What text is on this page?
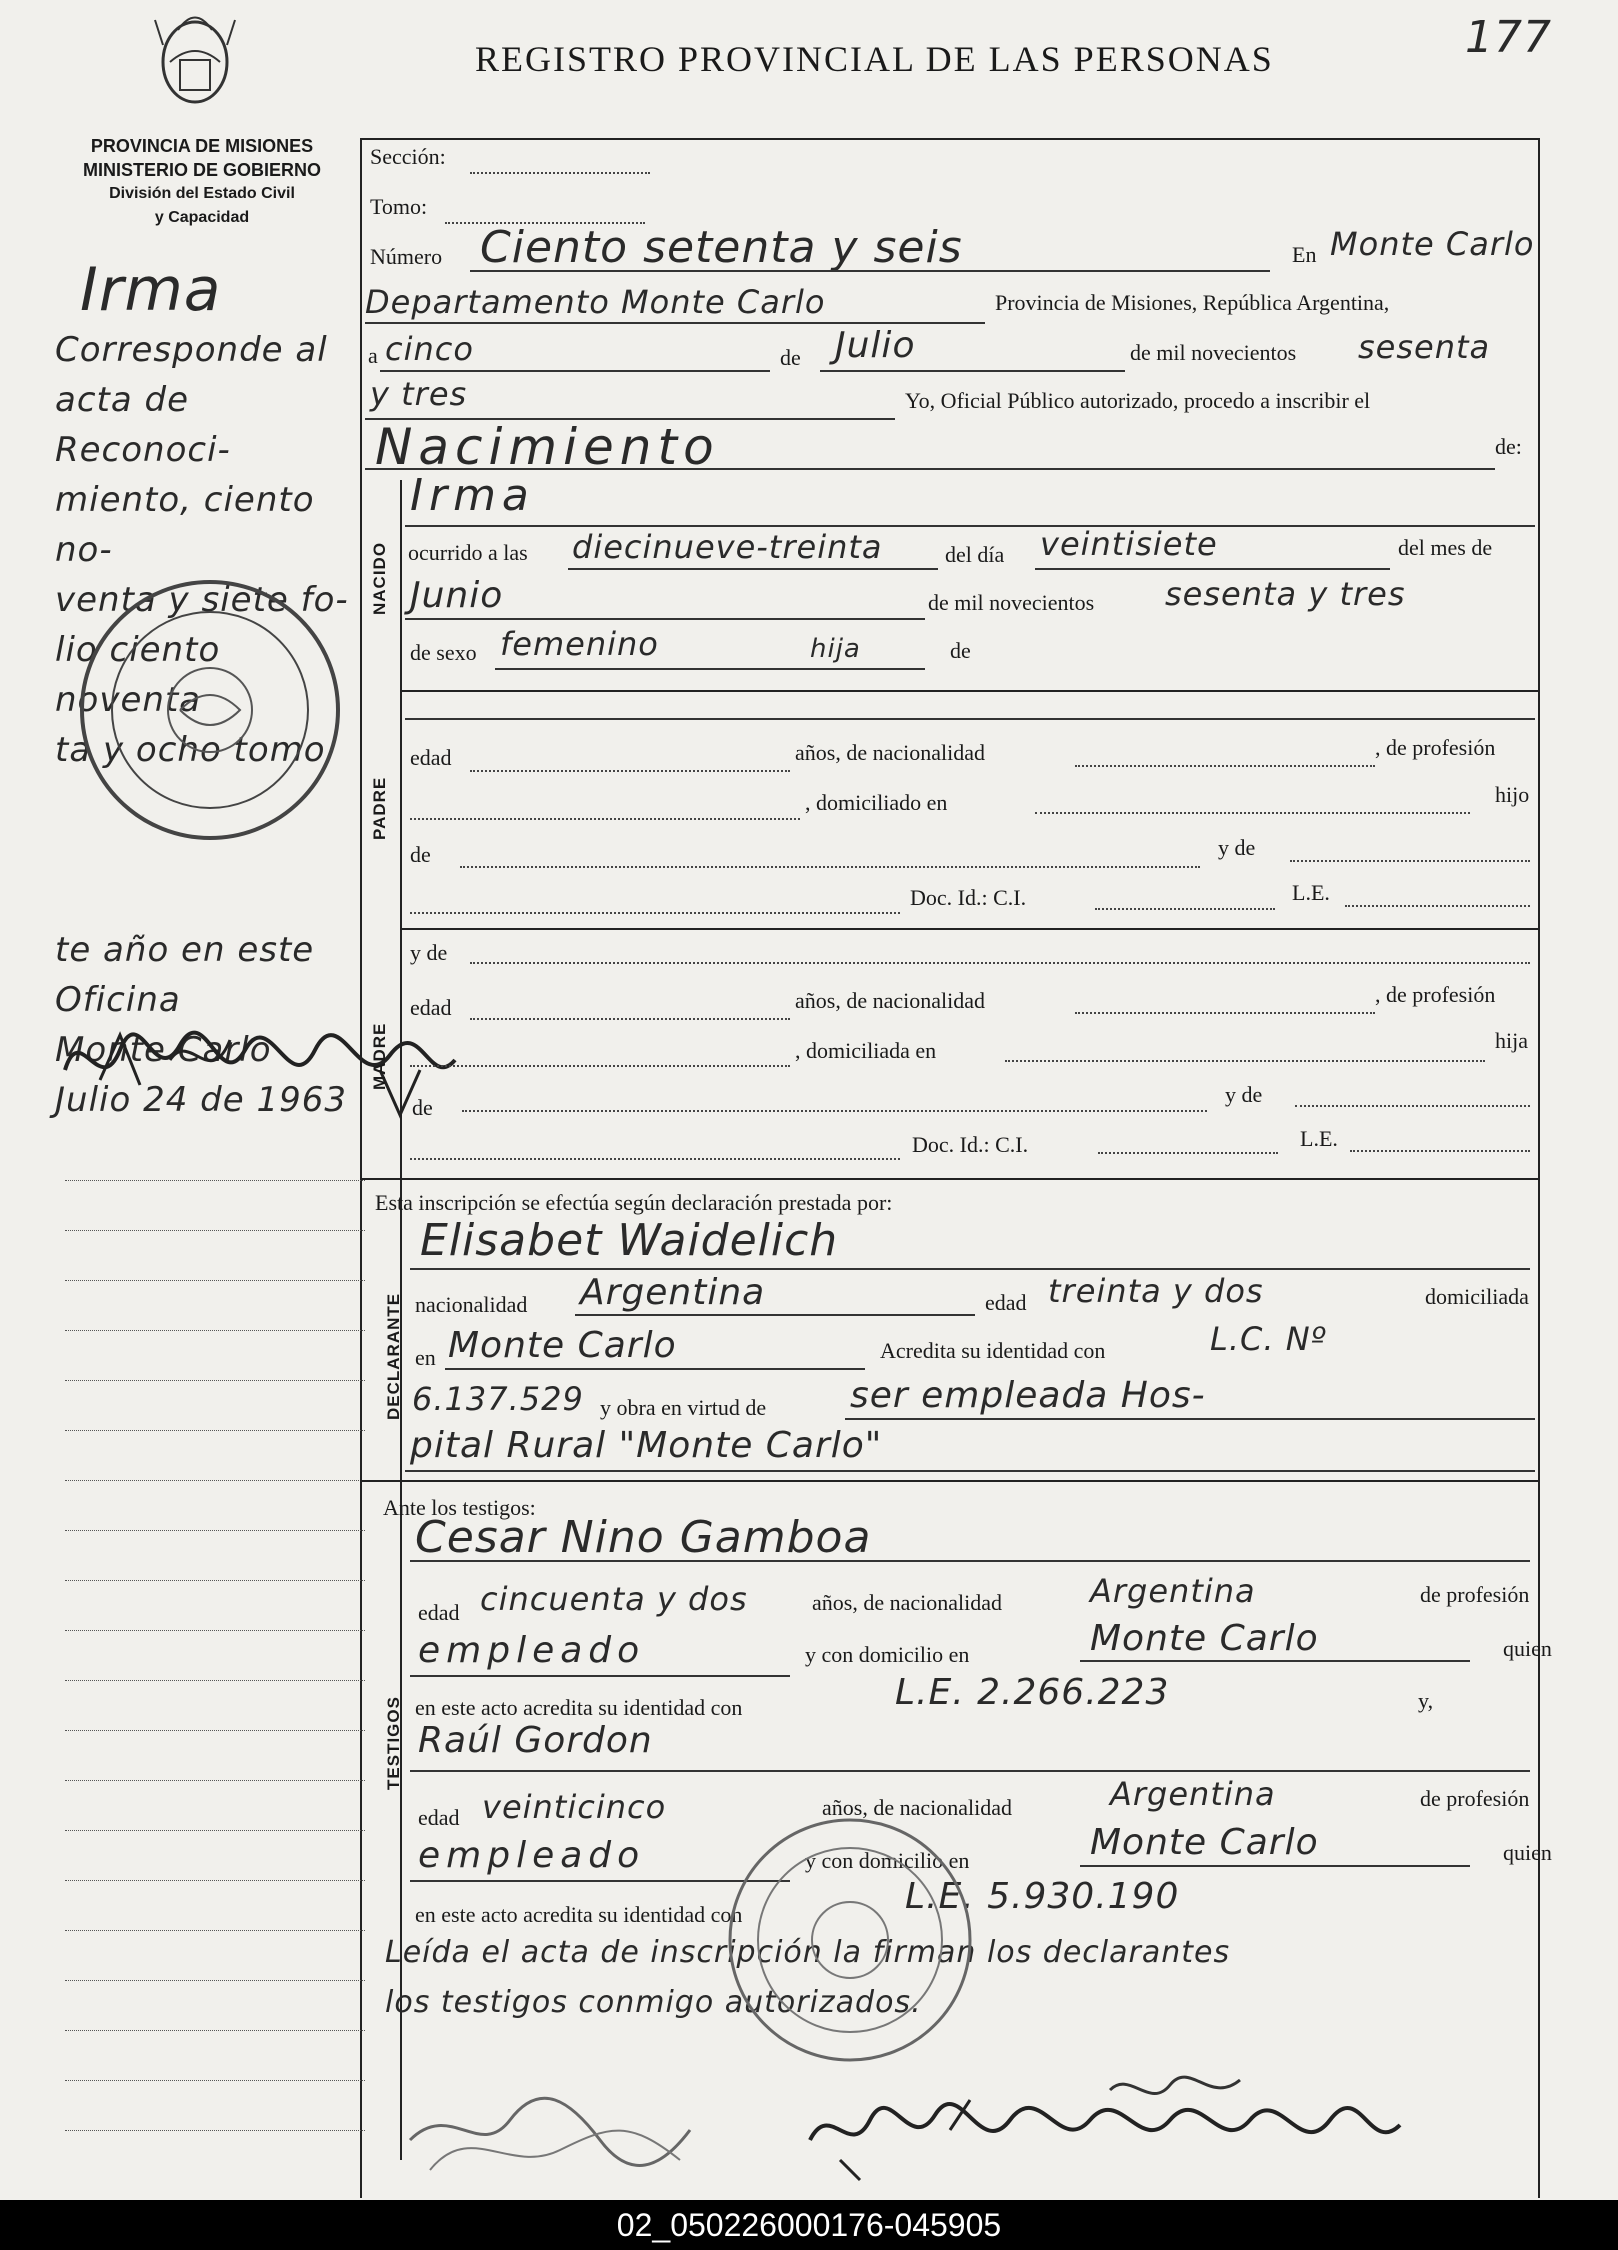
REGISTRO PROVINCIAL DE LAS PERSONAS	177
PROVINCIA DE MISIONES
MINISTERIO DE GOBIERNO
División del Estado Civil
y Capacidad
Irma
Corresponde al
acta de Reconoci-
miento, ciento no-
venta y siete fo-
lio ciento noventa
ta y ocho tomo
te año en este
Oficina
Monte Carlo
Julio 24 de 1963
Sección:
Tomo:
Número Ciento setenta y seis	En Monte Carlo
Departamento Monte Carlo	Provincia de Misiones, República Argentina,
a cinco	de Julio	de mil novecientos sesenta
y tres	Yo, Oficial Público autorizado, procedo a inscribir el
Nacimiento	de:
NACIDO
Irma
ocurrido a las diecinueve-treinta	del día veintisiete	del mes de
Junio	de mil novecientos sesenta y tres
de sexo femenino	hija	de
PADRE
edad	años, de nacionalidad	, de profesión
, domiciliado en	hijo
de	y de
Doc. Id.: C.I.	L.E.
y de
MADRE
edad	años, de nacionalidad	, de profesión
, domiciliada en	hija
de
y de
Doc. Id.: C.I.	L.E.
Esta inscripción se efectúa según declaración prestada por:
DECLARANTE
Elisabet Waidelich
nacionalidad Argentina	edad treinta y dos	domiciliada
en Monte Carlo	Acredita su identidad con	L.C. Nº
6.137.529 y obra en virtud de ser empleada Hos-
pital Rural "Monte Carlo"
Ante los testigos:
Cesar Nino Gamboa
TESTIGOS
edad cincuenta y dos	años, de nacionalidad	Argentina	de profesión
empleado	y con domicilio en	Monte Carlo	quien
en este acto acredita su identidad con	L.E. 2.266.223	y,
Raúl Gordon
edad veinticinco	años, de nacionalidad	Argentina	de profesión
empleado	y con domicilio en	Monte Carlo	quien
en este acto acredita su identidad con	L.E. 5.930.190
Leída el acta de inscripción la firman los declarantes
los testigos conmigo autorizados.
02_050226000176-045905
